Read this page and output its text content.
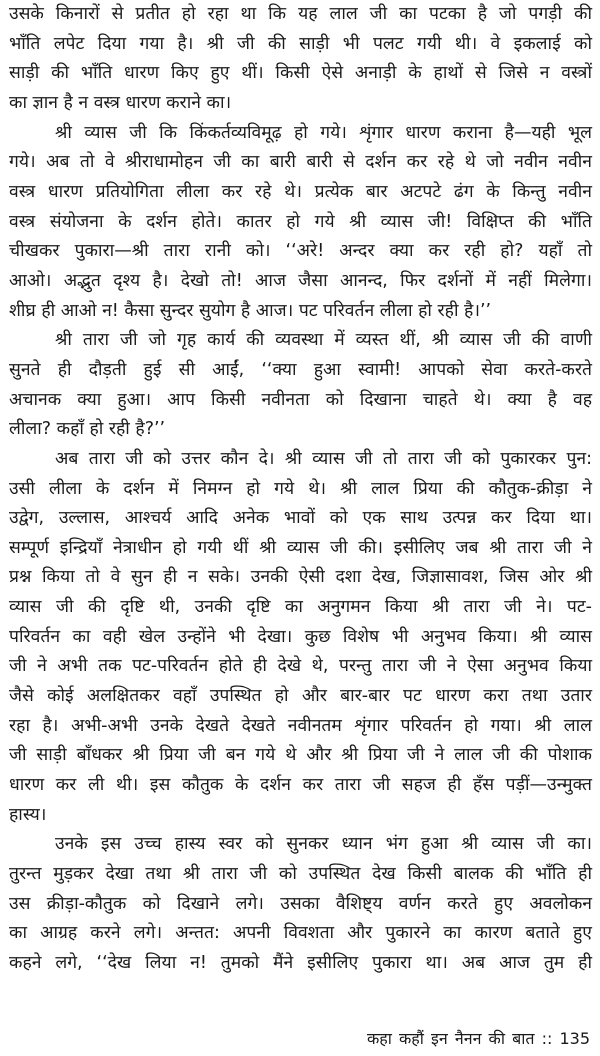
उसके किनारों से प्रतीत हो रहा था कि यह लाल जी का पटका है जो पगड़ी की
भाँति लपेट दिया गया है। श्री जी की साड़ी भी पलट गयी थी। वे इकलाई को
साड़ी की भाँति धारण किए हुए थीं। किसी ऐसे अनाड़ी के हाथों से जिसे न वस्त्रों
का ज्ञान है न वस्त्र धारण कराने का।
श्री व्यास जी कि किंकर्तव्यविमूढ़ हो गये। शृंगार धारण कराना है—यही भूल
गये। अब तो वे श्रीराधामोहन जी का बारी बारी से दर्शन कर रहे थे जो नवीन नवीन
वस्त्र धारण प्रतियोगिता लीला कर रहे थे। प्रत्येक बार अटपटे ढंग के किन्तु नवीन
वस्त्र संयोजना के दर्शन होते। कातर हो गये श्री व्यास जी! विक्षिप्त की भाँति
चीखकर पुकारा—श्री तारा रानी को। ‘‘अरे! अन्दर क्या कर रही हो? यहाँ तो
आओ। अद्भुत दृश्य है। देखो तो! आज जैसा आनन्द, फिर दर्शनों में नहीं मिलेगा।
शीघ्र ही आओ न! कैसा सुन्दर सुयोग है आज। पट परिवर्तन लीला हो रही है।’’
श्री तारा जी जो गृह कार्य की व्यवस्था में व्यस्त थीं, श्री व्यास जी की वाणी
सुनते ही दौड़ती हुई सी आईं, ‘‘क्या हुआ स्वामी! आपको सेवा करते-करते
अचानक क्या हुआ। आप किसी नवीनता को दिखाना चाहते थे। क्या है वह
लीला? कहाँ हो रही है?’’
अब तारा जी को उत्तर कौन दे। श्री व्यास जी तो तारा जी को पुकारकर पुन:
उसी लीला के दर्शन में निमग्न हो गये थे। श्री लाल प्रिया की कौतुक-क्रीड़ा ने
उद्वेग, उल्लास, आश्चर्य आदि अनेक भावों को एक साथ उत्पन्न कर दिया था।
सम्पूर्ण इन्द्रियाँ नेत्राधीन हो गयी थीं श्री व्यास जी की। इसीलिए जब श्री तारा जी ने
प्रश्न किया तो वे सुन ही न सके। उनकी ऐसी दशा देख, जिज्ञासावश, जिस ओर श्री
व्यास जी की दृष्टि थी, उनकी दृष्टि का अनुगमन किया श्री तारा जी ने। पट-
परिवर्तन का वही खेल उन्होंने भी देखा। कुछ विशेष भी अनुभव किया। श्री व्यास
जी ने अभी तक पट-परिवर्तन होते ही देखे थे, परन्तु तारा जी ने ऐसा अनुभव किया
जैसे कोई अलक्षितकर वहाँ उपस्थित हो और बार-बार पट धारण करा तथा उतार
रहा है। अभी-अभी उनके देखते देखते नवीनतम शृंगार परिवर्तन हो गया। श्री लाल
जी साड़ी बाँधकर श्री प्रिया जी बन गये थे और श्री प्रिया जी ने लाल जी की पोशाक
धारण कर ली थी। इस कौतुक के दर्शन कर तारा जी सहज ही हँस पड़ीं—उन्मुक्त
हास्य।
उनके इस उच्च हास्य स्वर को सुनकर ध्यान भंग हुआ श्री व्यास जी का।
तुरन्त मुड़कर देखा तथा श्री तारा जी को उपस्थित देख किसी बालक की भाँति ही
उस क्रीड़ा-कौतुक को दिखाने लगे। उसका वैशिष्ट्य वर्णन करते हुए अवलोकन
का आग्रह करने लगे। अन्तत: अपनी विवशता और पुकारने का कारण बताते हुए
कहने लगे, ‘‘देख लिया न! तुमको मैंने इसीलिए पुकारा था। अब आज तुम ही
कहा कहौं इन नैनन की बात :: 135
